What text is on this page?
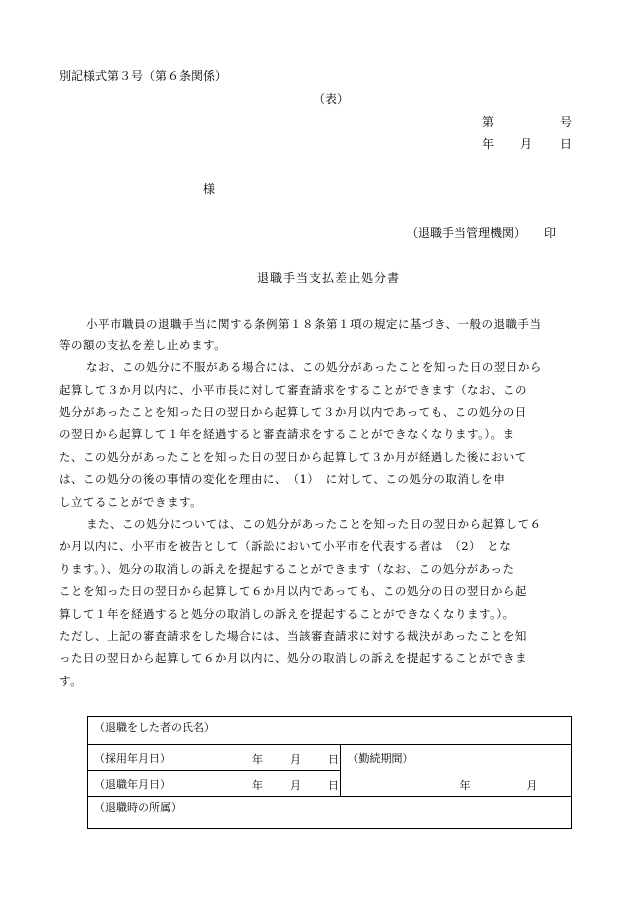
別記様式第３号（第６条関係）
（表）
第	号
年 月 日
様
（退職手当管理機関） 印
退職手当支払差止処分書
小平市職員の退職手当に関する条例第１８条第１項の規定に基づき、一般の退職手当
等の額の支払を差し止めます。
なお、この処分に不服がある場合には、この処分があったことを知った日の翌日から
起算して３か月以内に、小平市長に対して審査請求をすることができます（なお、この
処分があったことを知った日の翌日から起算して３か月以内であっても、この処分の日
の翌日から起算して１年を経過すると審査請求をすることができなくなります。）。ま
た、この処分があったことを知った日の翌日から起算して３か月が経過した後において
は、この処分の後の事情の変化を理由に、　（1）　に対して、この処分の取消しを申
し立てることができます。
また、この処分については、この処分があったことを知った日の翌日から起算して６
か月以内に、小平市を被告として（訴訟において小平市を代表する者は　（2）　とな
ります。）、処分の取消しの訴えを提起することができます（なお、この処分があった
ことを知った日の翌日から起算して６か月以内であっても、この処分の日の翌日から起
算して１年を経過すると処分の取消しの訴えを提起することができなくなります。）。
ただし、上記の審査請求をした場合には、当該審査請求に対する裁決があったことを知
った日の翌日から起算して６か月以内に、処分の取消しの訴えを提起することができま
す。
（退職をした者の氏名）
（採用年月日）	年 月 日	（勤続期間）
年	月

（退職年月日）	年 月 日

（退職時の所属）
